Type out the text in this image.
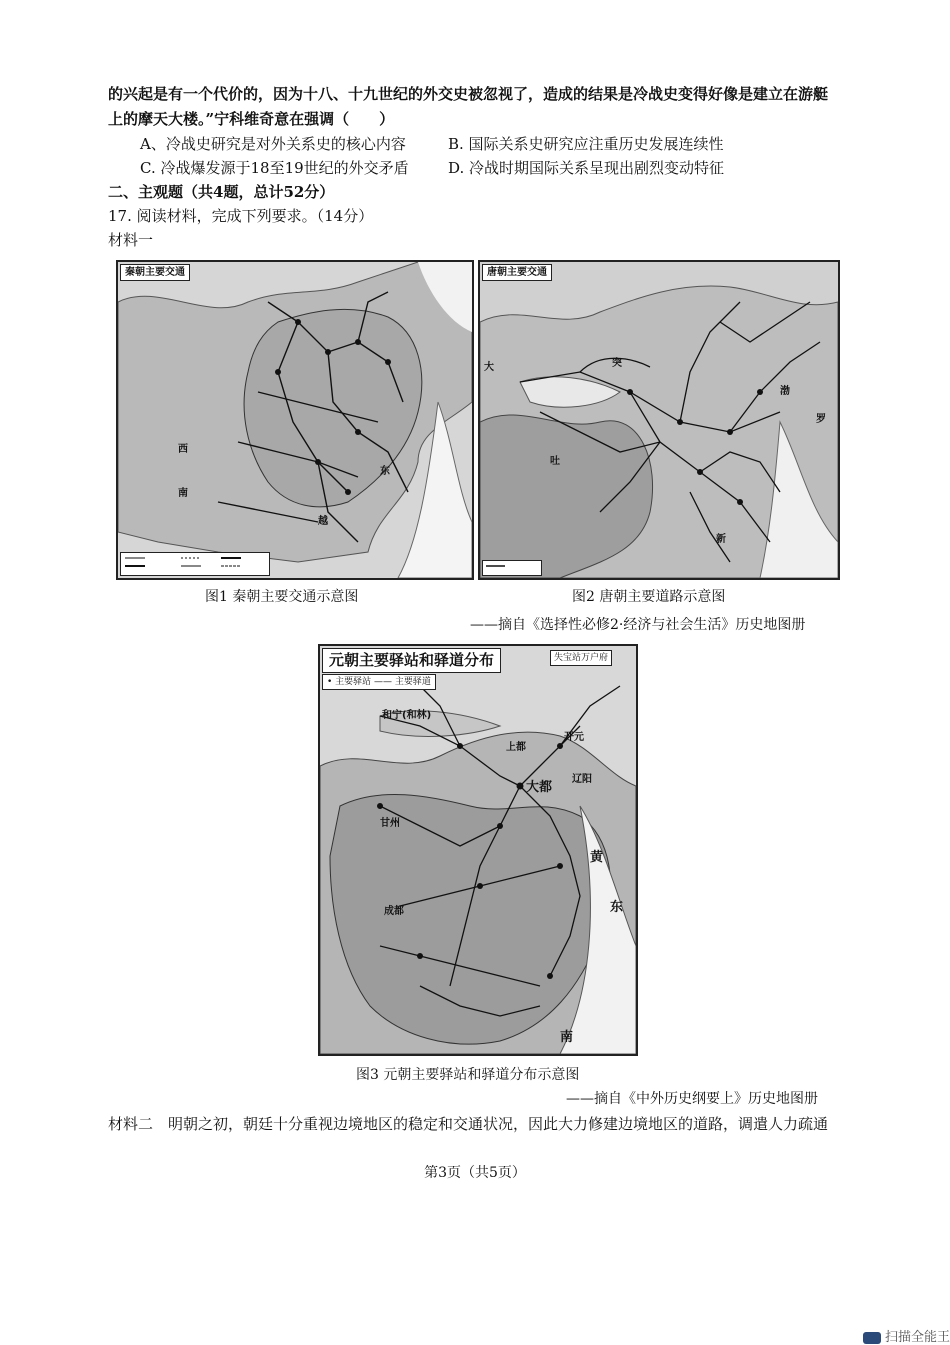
的兴起是有一个代价的，因为十八、十九世纪的外交史被忽视了，造成的结果是冷战史变得好像是建立在游艇
上的摩天大楼。”宁科维奇意在强调（　　）
A、冷战史研究是对外关系史的核心内容	B. 国际关系史研究应注重历史发展连续性
C. 冷战爆发源于18至19世纪的外交矛盾	D. 冷战时期国际关系呈现出剧烈变动特征
二、主观题（共4题，总计52分）
17. 阅读材料，完成下列要求。（14分）
材料一
秦朝主要交通
西
南
越
东
图1 秦朝主要交通示意图
唐朝主要交通
突
吐
大
罗
渤
新
图2 唐朝主要道路示意图
——摘自《选择性必修2·经济与社会生活》历史地图册
元朝主要驿站和驿道分布
• 主要驿站 —— 主要驿道
失宝站万户府
和宁(和林)
上都
大都
开元
辽阳
甘州
成都	东
黄
南
图3 元朝主要驿站和驿道分布示意图
——摘自《中外历史纲要上》历史地图册
材料二　明朝之初，朝廷十分重视边境地区的稳定和交通状况，因此大力修建边境地区的道路，调遣人力疏通
第3页（共5页）
扫描全能王
